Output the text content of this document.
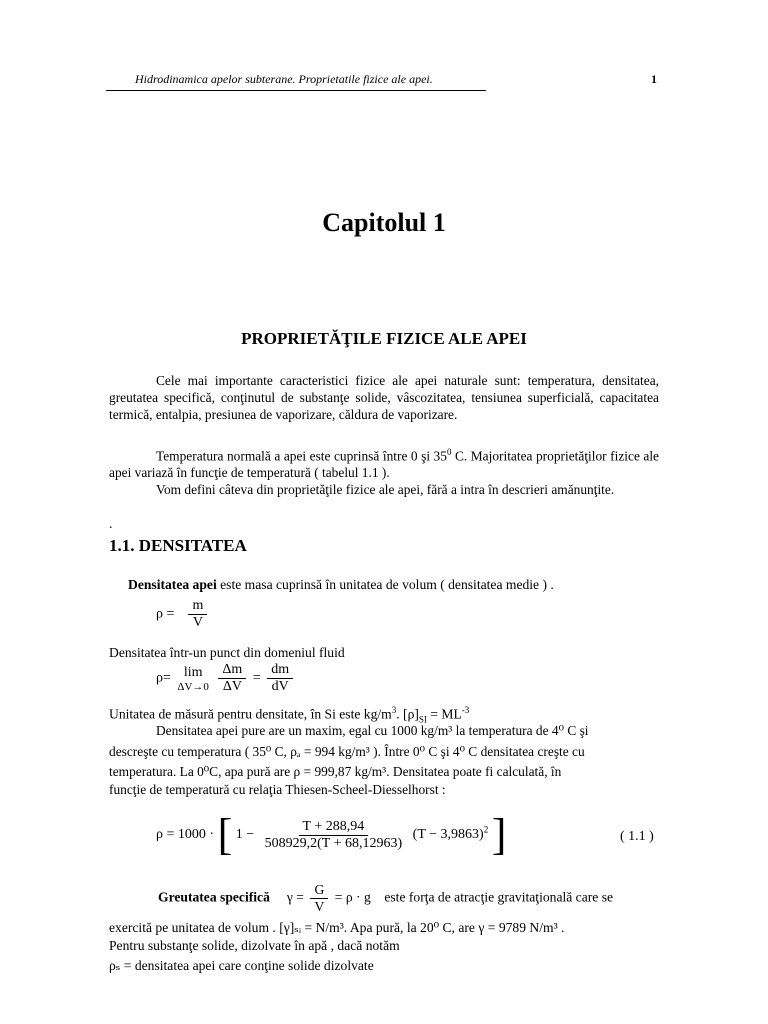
Hidrodinamica apelor subterane. Proprietatile fizice ale apei.	1
Capitolul 1
PROPRIETĂŢILE FIZICE ALE APEI
Cele mai importante caracteristici fizice ale apei naturale sunt: temperatura, densitatea, greutatea specifică, conţinutul de substanţe solide, vâscozitatea, tensiunea superficială, capacitatea termică, entalpia, presiunea de vaporizare, căldura de vaporizare.
Temperatura normală a apei este cuprinsă între 0 şi $35^0$ C. Majoritatea proprietăţilor fizice ale apei variază în funcţie de temperatură ( tabelul 1.1 ).
Vom defini câteva din proprietăţile fizice ale apei, fără a intra în descrieri amănunţite.
.
1.1. DENSITATEA
Densitatea apei este masa cuprinsă în unitatea de volum ( densitatea medie ) .
$\rho = \frac{m}{V}$
Densitatea într-un punct din domeniul fluid
ρ= lim
ΔV→0
$\frac{\Delta m}{\Delta V} = \frac{dm}{dV}$
Unitatea de măsură pentru densitate, în Si este $kg/m^3$. $[\rho]_{SI} = ML^{-3}$
Densitatea apei pure are un maxim, egal cu 1000 kg/m³ la temperatura de 4⁰ C şi
descreşte cu temperatura ( 35⁰ C, ρₐ = 994 kg/m³ ). Între 0⁰ C şi 4⁰ C densitatea creşte cu
temperatura. La 0⁰C, apa pură are ρ = 999,87 kg/m³. Densitatea poate fi calculată, în
funcţie de temperatură cu relaţia Thiesen-Scheel-Diesselhorst :
ρ = 1000 · [ $1 - \frac{T + 288,94}{508929,2(T + 68,12963)} (T - 3,9863)^2$ ]	( 1.1 )
Greutatea specifică $\gamma = \frac{G}{V} = \rho \cdot g$ este forţa de atracţie gravitaţională care se
exercită pe unitatea de volum . [γ]ₛᵢ = N/m³. Apa pură, la 20⁰ C, are γ = 9789 N/m³ .
Pentru substanţe solide, dizolvate în apă , dacă notăm
ρₛ = densitatea apei care conţine solide dizolvate
